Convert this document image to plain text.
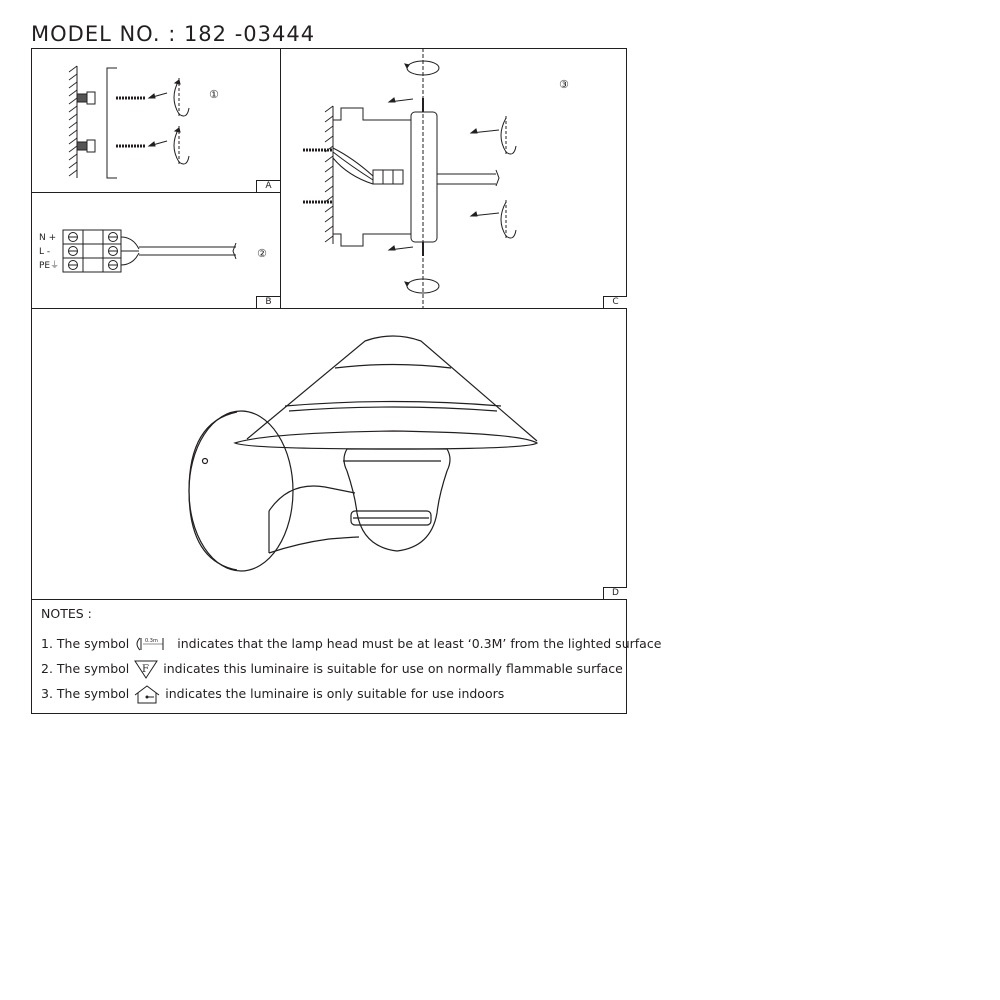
MODEL NO. : 182 -03444
①
A
N +
L -
PE⏚
②
B
③
C
D
NOTES :
1. The symbol	0.3m indicates that the lamp head must be at least ‘0.3M’ from the lighted surface
2. The symbol F indicates this luminaire is suitable for use on normally flammable surface
3. The symbol	indicates the luminaire is only suitable for use indoors
